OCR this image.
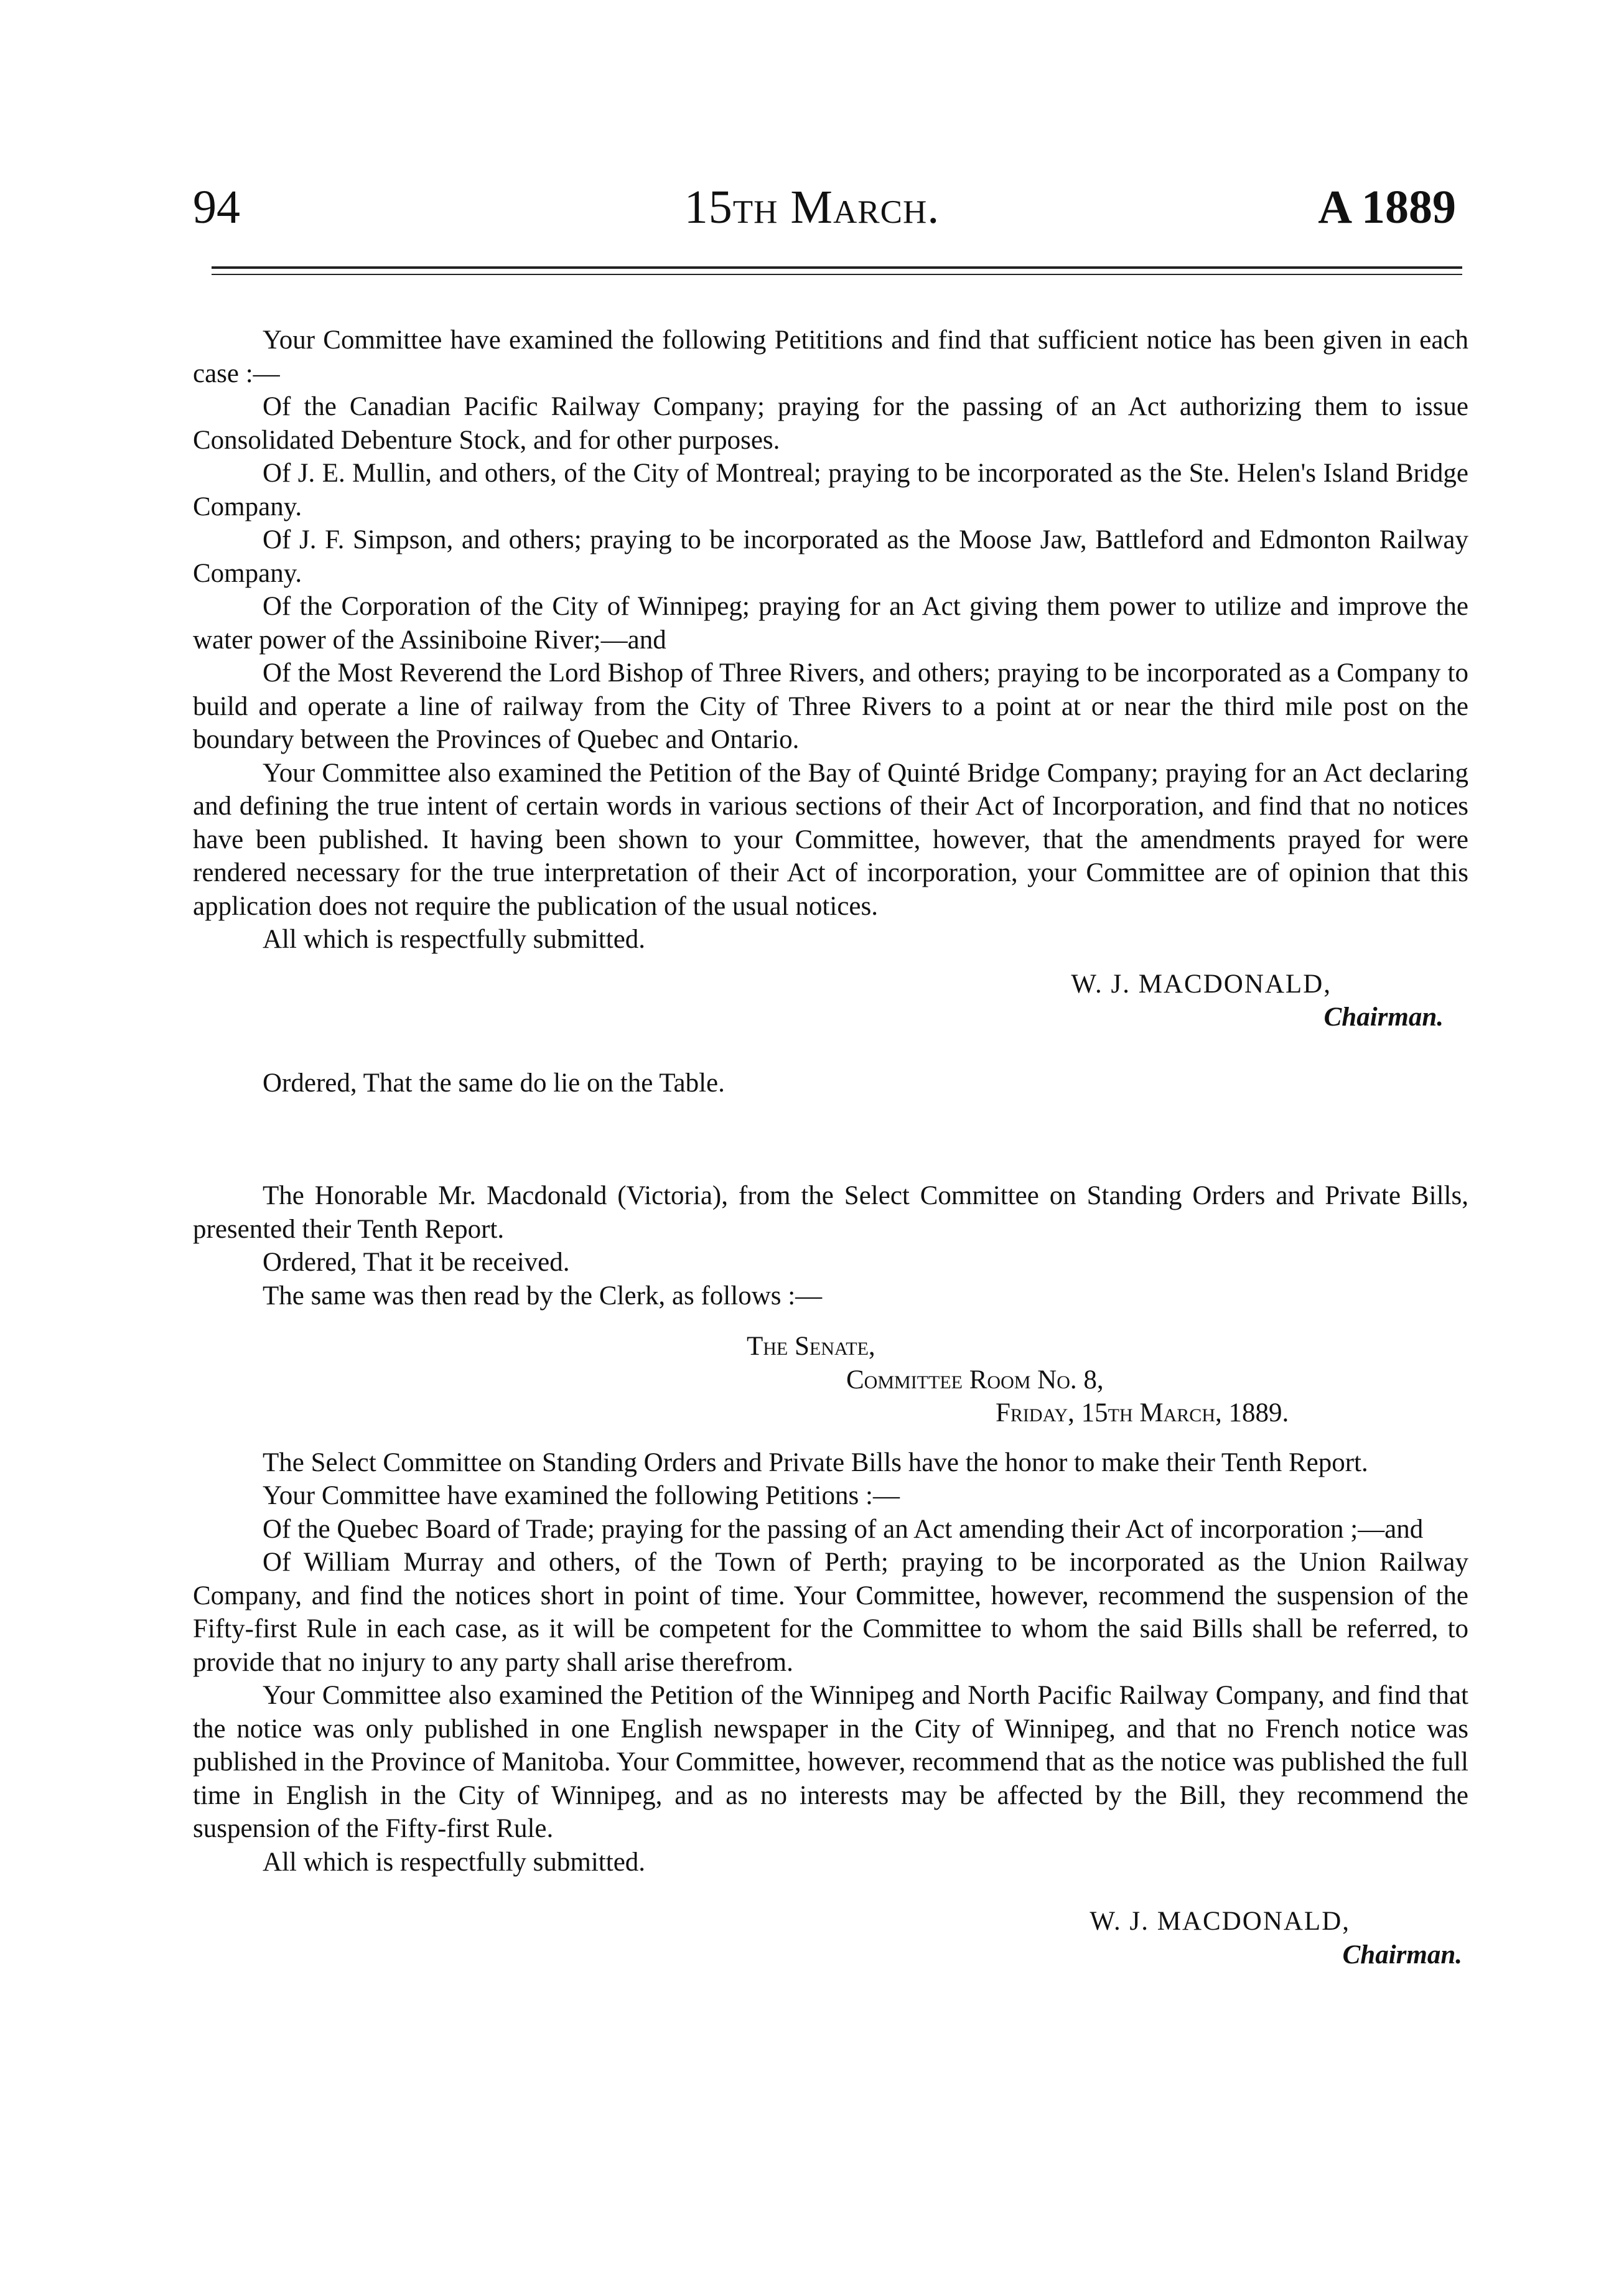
94	15th March.	A 1889

Your Committee have examined the following Petititions and find that sufficient notice has been given in each case :—

Of the Canadian Pacific Railway Company; praying for the passing of an Act authorizing them to issue Consolidated Debenture Stock, and for other purposes.

Of J. E. Mullin, and others, of the City of Montreal; praying to be incorporated as the Ste. Helen's Island Bridge Company.

Of J. F. Simpson, and others; praying to be incorporated as the Moose Jaw, Battleford and Edmonton Railway Company.

Of the Corporation of the City of Winnipeg; praying for an Act giving them power to utilize and improve the water power of the Assiniboine River;—and

Of the Most Reverend the Lord Bishop of Three Rivers, and others; praying to be incorporated as a Company to build and operate a line of railway from the City of Three Rivers to a point at or near the third mile post on the boundary between the Provinces of Quebec and Ontario.

Your Committee also examined the Petition of the Bay of Quinté Bridge Company; praying for an Act declaring and defining the true intent of certain words in various sections of their Act of Incorporation, and find that no notices have been published. It having been shown to your Committee, however, that the amendments prayed for were rendered necessary for the true interpretation of their Act of incorporation, your Committee are of opinion that this application does not require the publication of the usual notices.

All which is respectfully submitted.

W. J. MACDONALD,
Chairman.

Ordered, That the same do lie on the Table.

The Honorable Mr. Macdonald (Victoria), from the Select Committee on Standing Orders and Private Bills, presented their Tenth Report.

Ordered, That it be received.

The same was then read by the Clerk, as follows :—

The Senate,
Committee Room No. 8,
Friday, 15th March, 1889.

The Select Committee on Standing Orders and Private Bills have the honor to make their Tenth Report.

Your Committee have examined the following Petitions :—

Of the Quebec Board of Trade; praying for the passing of an Act amending their Act of incorporation ;—and

Of William Murray and others, of the Town of Perth; praying to be incorporated as the Union Railway Company, and find the notices short in point of time. Your Committee, however, recommend the suspension of the Fifty-first Rule in each case, as it will be competent for the Committee to whom the said Bills shall be referred, to provide that no injury to any party shall arise therefrom.

Your Committee also examined the Petition of the Winnipeg and North Pacific Railway Company, and find that the notice was only published in one English newspaper in the City of Winnipeg, and that no French notice was published in the Province of Manitoba. Your Committee, however, recommend that as the notice was published the full time in English in the City of Winnipeg, and as no interests may be affected by the Bill, they recommend the suspension of the Fifty-first Rule.

All which is respectfully submitted.

W. J. MACDONALD,
Chairman.
